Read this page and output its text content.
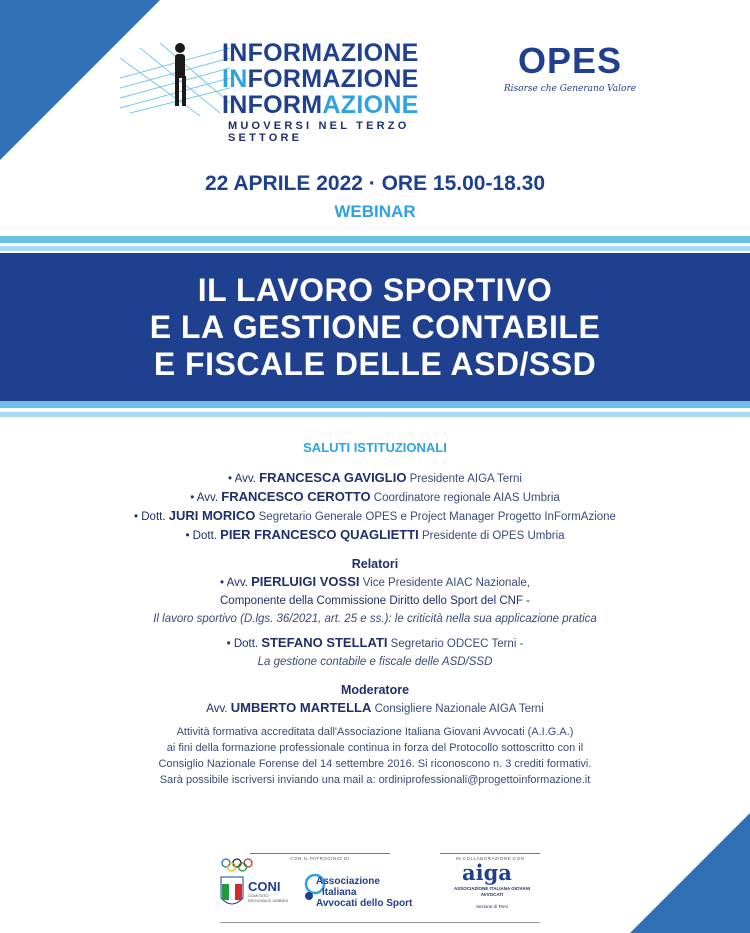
INFORMAZIONE
INFORMAZIONE
INFORMAZIONE
MUOVERSI NEL TERZO SETTORE
OPES
Risorse che Generano Valore
22 APRILE 2022 · ORE 15.00-18.30
WEBINAR
IL LAVORO SPORTIVO
E LA GESTIONE CONTABILE
E FISCALE DELLE ASD/SSD
SALUTI ISTITUZIONALI
• Avv. FRANCESCA GAVIGLIO Presidente AIGA Terni
• Avv. FRANCESCO CEROTTO Coordinatore regionale AIAS Umbria
• Dott. JURI MORICO Segretario Generale OPES e Project Manager Progetto InFormAzione
• Dott. PIER FRANCESCO QUAGLIETTI Presidente di OPES Umbria
Relatori
• Avv. PIERLUIGI VOSSI Vice Presidente AIAC Nazionale,
Componente della Commissione Diritto dello Sport del CNF -
Il lavoro sportivo (D.lgs. 36/2021, art. 25 e ss.): le criticità nella sua applicazione pratica
• Dott. STEFANO STELLATI Segretario ODCEC Terni -
La gestione contabile e fiscale delle ASD/SSD
Moderatore
Avv. UMBERTO MARTELLA Consigliere Nazionale AIGA Terni
Attività formativa accreditata dall'Associazione Italiana Giovani Avvocati (A.I.G.A.)
ai fini della formazione professionale continua in forza del Protocollo sottoscritto con il
Consiglio Nazionale Forense del 14 settembre 2016. Si riconoscono n. 3 crediti formativi.
Sarà possibile iscriversi inviando una mail a: ordiniprofessionali@progettoinformazione.it
CON IL PATROCINIO DI	IN COLLABORAZIONE CON
CONI
COMITATO REGIONALE UMBRIA
Associazione
Italiana
Avvocati dello Sport
aiga
ASSOCIAZIONE ITALIANA GIOVANI AVVOCATI
Sezione di Terni
